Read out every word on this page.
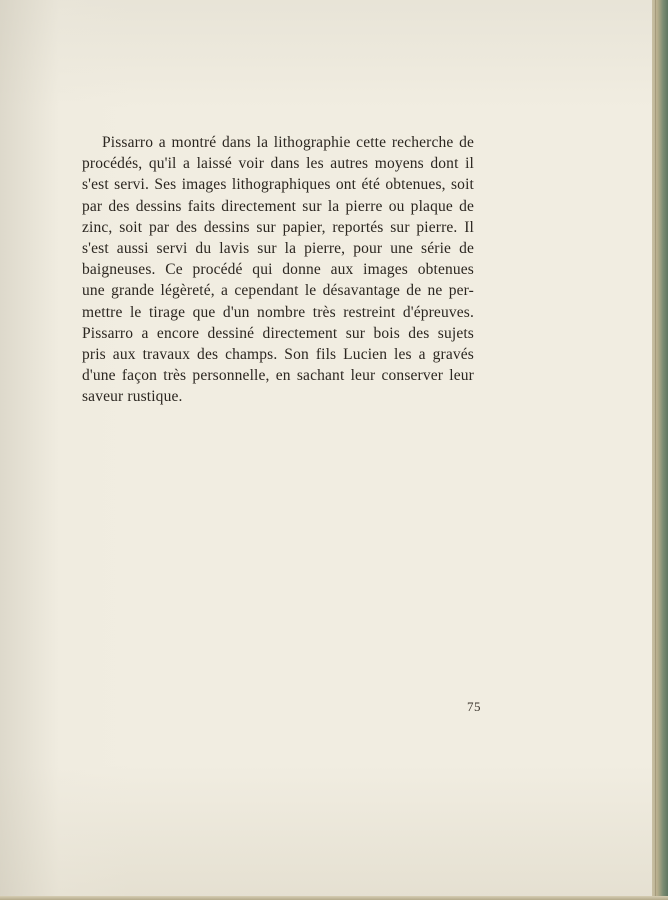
Pissarro a montré dans la lithographie cette recherche de
procédés, qu'il a laissé voir dans les autres moyens dont il
s'est servi. Ses images lithographiques ont été obtenues, soit
par des dessins faits directement sur la pierre ou plaque de
zinc, soit par des dessins sur papier, reportés sur pierre. Il
s'est aussi servi du lavis sur la pierre, pour une série de
baigneuses. Ce procédé qui donne aux images obtenues
une grande légèreté, a cependant le désavantage de ne per-
mettre le tirage que d'un nombre très restreint d'épreuves.
Pissarro a encore dessiné directement sur bois des sujets
pris aux travaux des champs. Son fils Lucien les a gravés
d'une façon très personnelle, en sachant leur conserver leur
saveur rustique.

75
